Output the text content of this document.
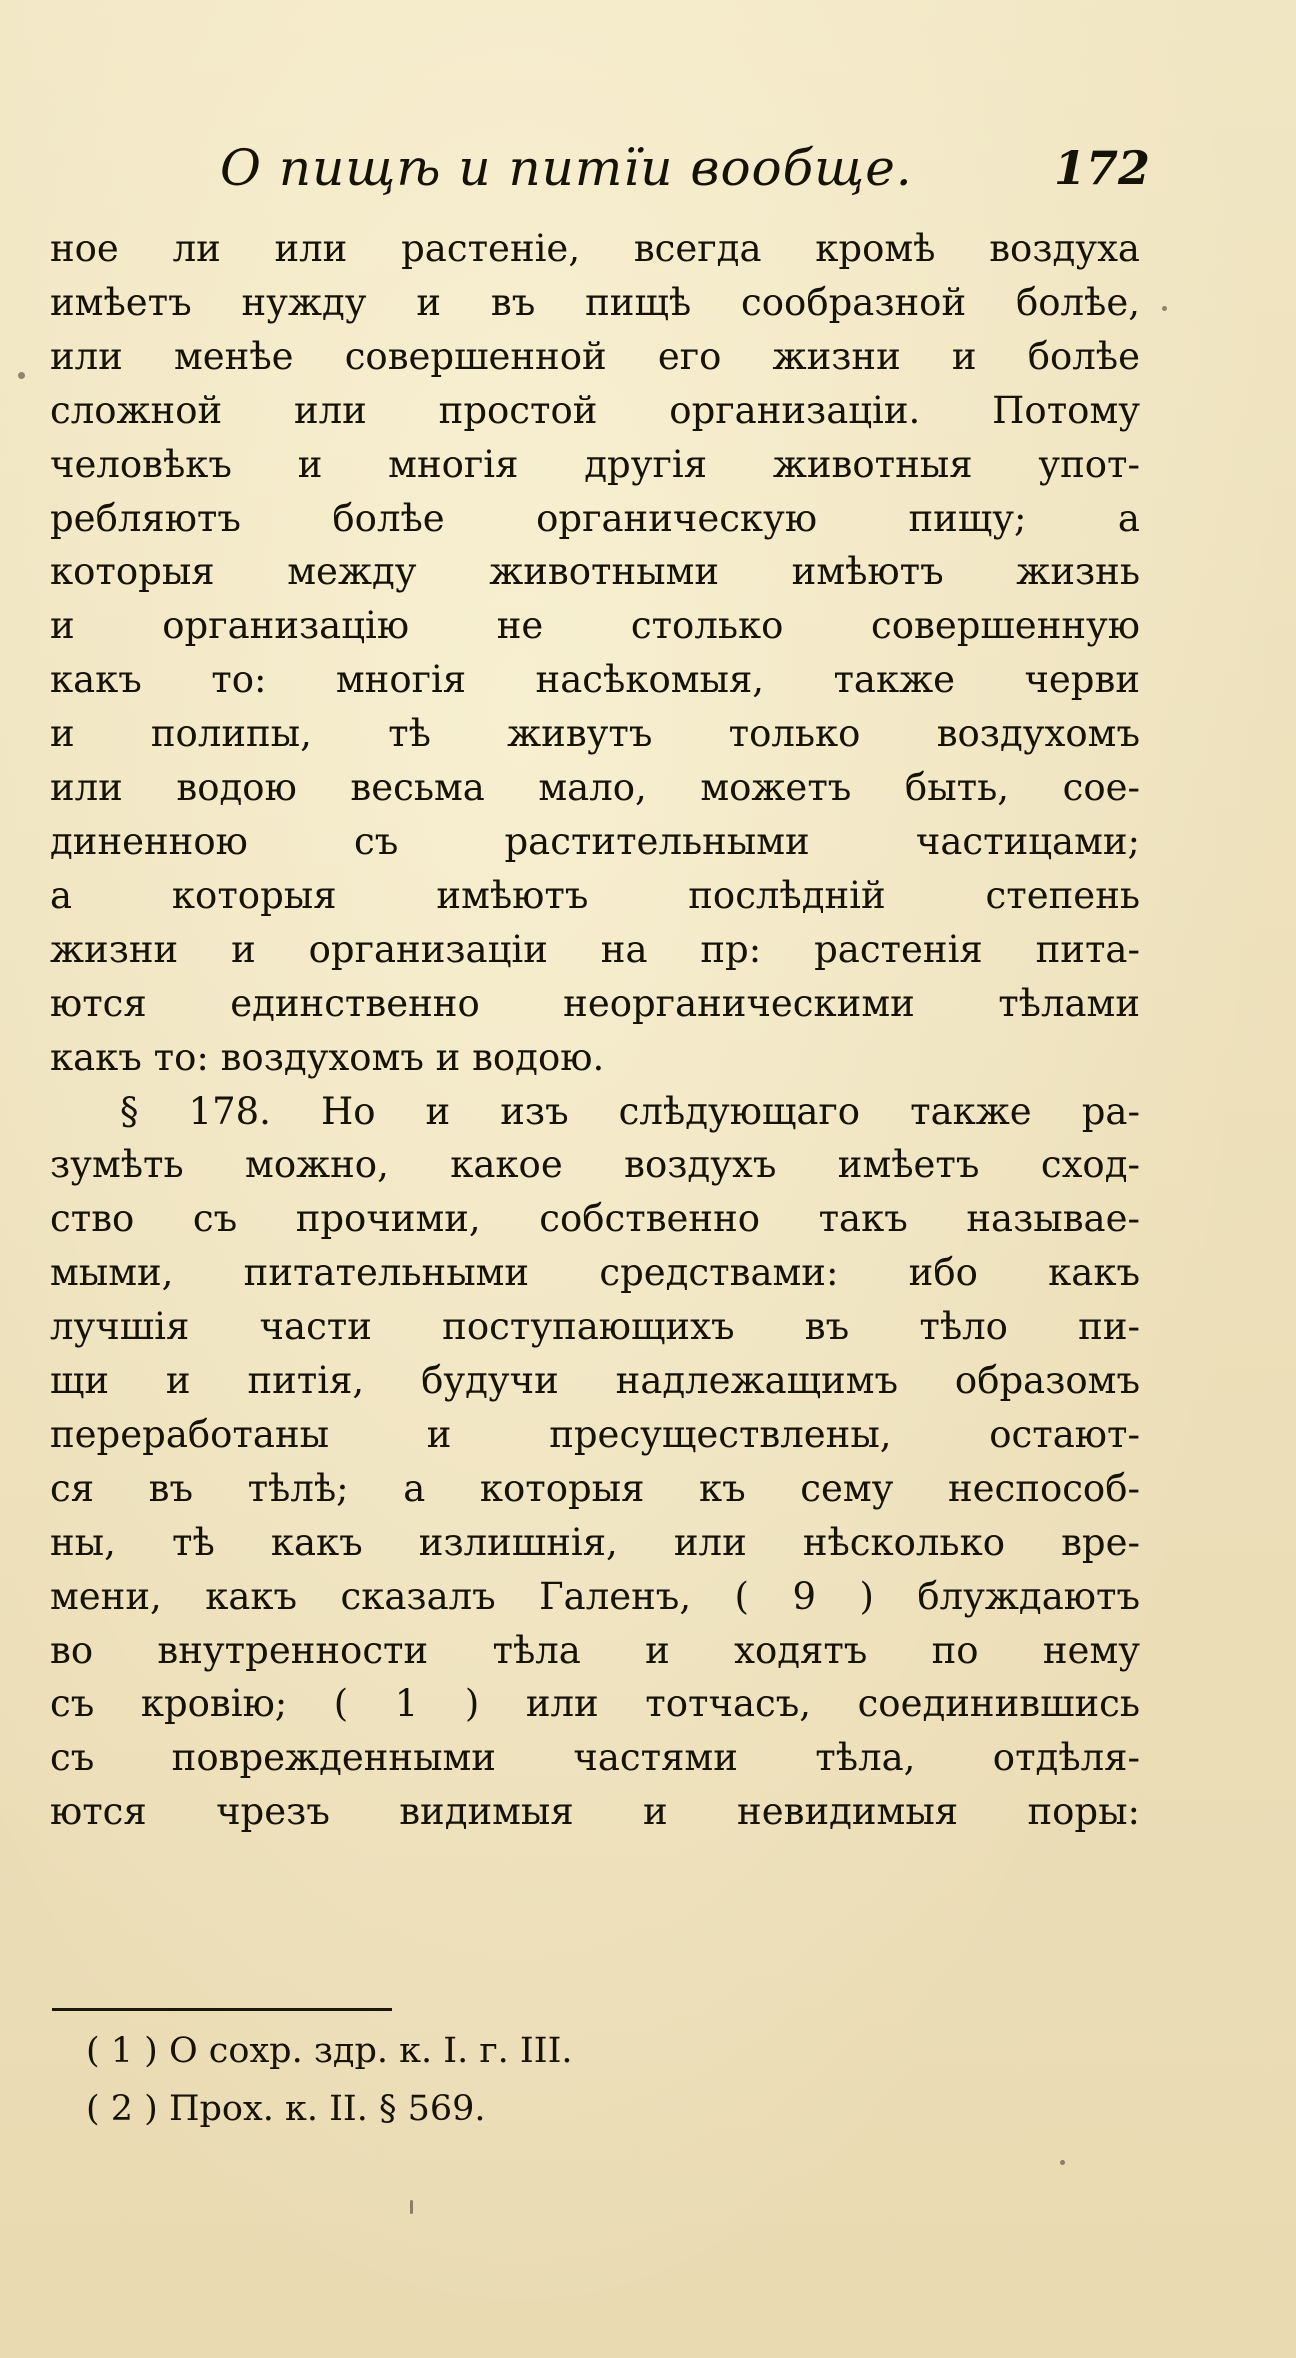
О пищѣ и питїи вообще.	172
ное ли или растеніе, всегда кромѣ воздуха
имѣетъ нужду и въ пищѣ сообразной болѣе,
или менѣе совершенной его жизни и болѣе
сложной или простой организаціи. Потому
человѣкъ и многія другія животныя упот-
ребляютъ болѣе органическую пищу; а
которыя между животными имѣютъ жизнь
и организацію не столько совершенную
какъ то: многія насѣкомыя, также черви
и полипы, тѣ живутъ только воздухомъ
или водою весьма мало, можетъ быть, сое-
диненною съ растительными частицами;
а которыя имѣютъ послѣдній степень
жизни и организаціи на пр: растенія пита-
ются единственно неорганическими тѣлами
какъ то: воздухомъ и водою.
§ 178. Но и изъ слѣдующаго также ра-
зумѣть можно, какое воздухъ имѣетъ сход-
ство съ прочими, собственно такъ называе-
мыми, питательными средствами: ибо какъ
лучшія части поступающихъ въ тѣло пи-
щи и питія, будучи надлежащимъ образомъ
переработаны и пресуществлены, остают-
ся въ тѣлѣ; а которыя къ сему неспособ-
ны, тѣ какъ излишнія, или нѣсколько вре-
мени, какъ сказалъ Галенъ, ( 9 ) блуждаютъ
во внутренности тѣла и ходятъ по нему
съ кровію; ( 1 ) или тотчасъ, соединившись
съ поврежденными частями тѣла, отдѣля-
ются чрезъ видимыя и невидимыя поры:
( 1 ) О сохр. здр. к. I. г. III.
( 2 ) Прох. к. II. § 569.
